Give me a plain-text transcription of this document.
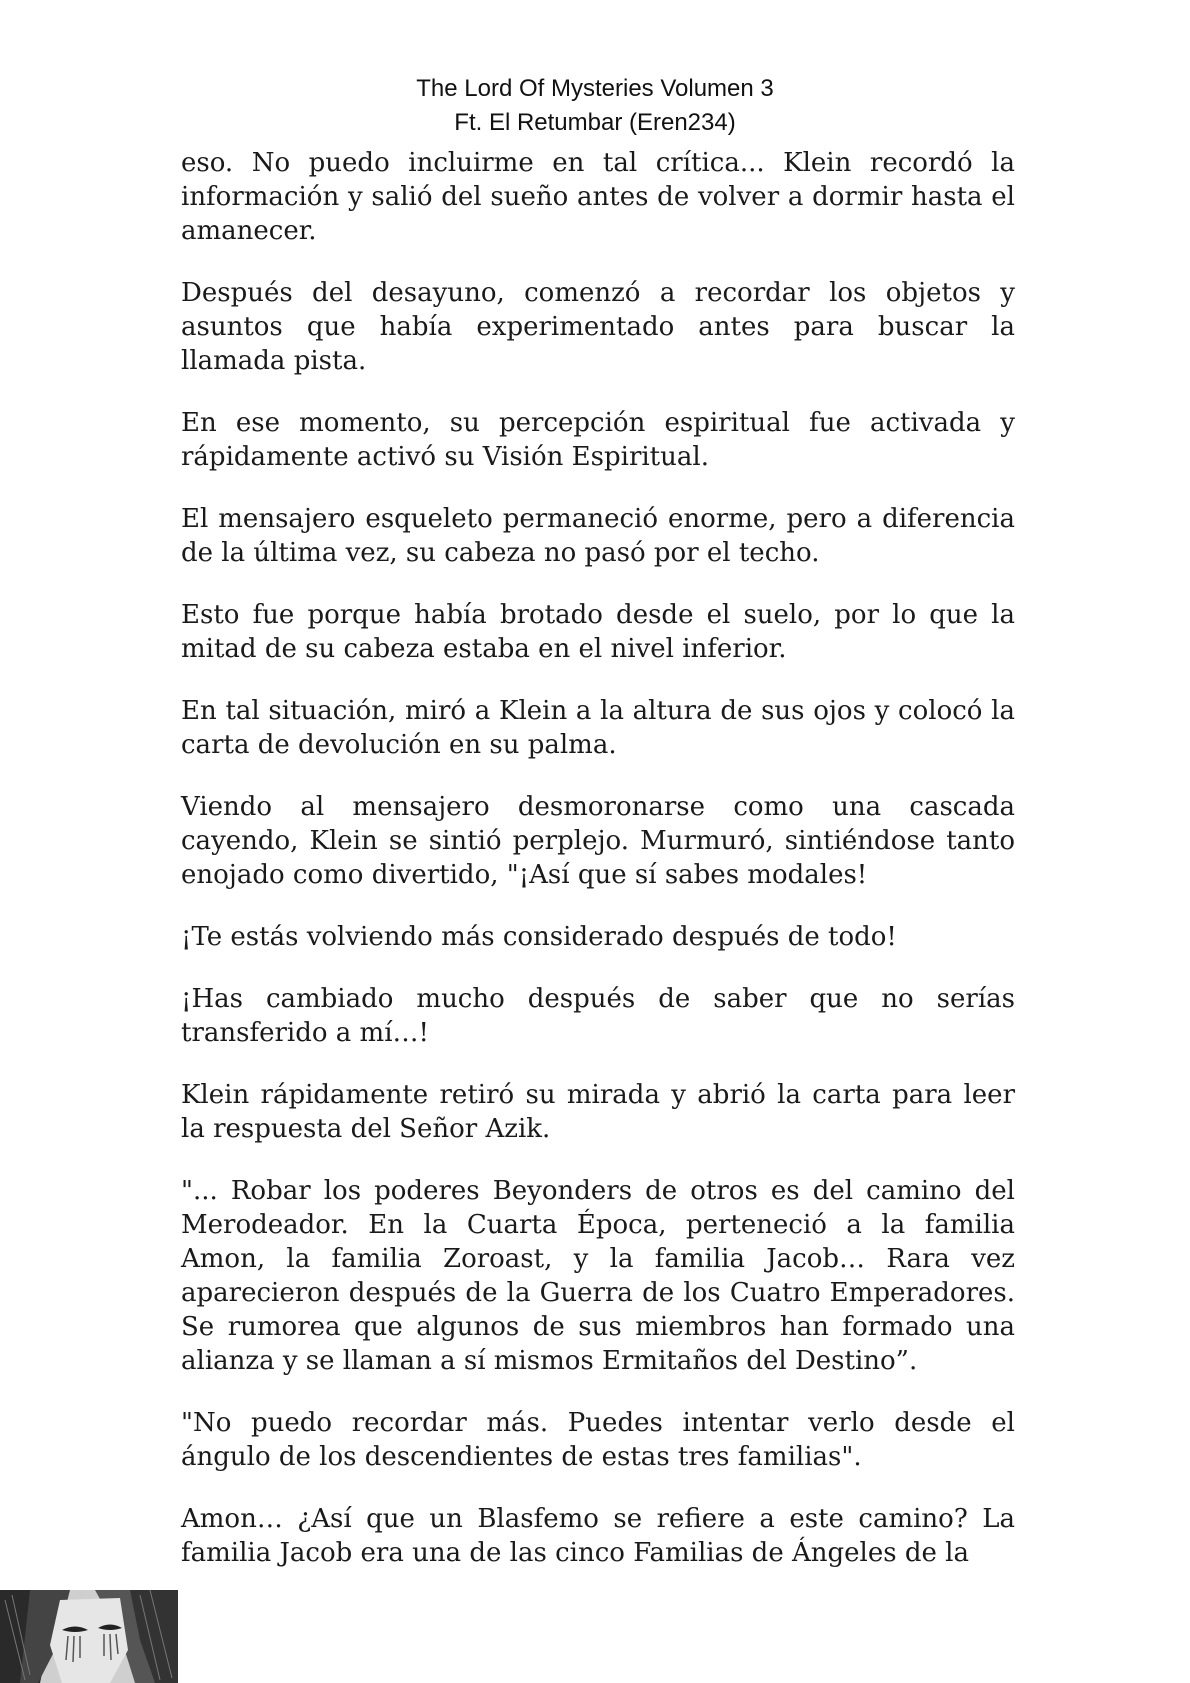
The Lord Of Mysteries Volumen 3
Ft. El Retumbar (Eren234)

eso. No puedo incluirme en tal crítica... Klein recordó la información y salió del sueño antes de volver a dormir hasta el amanecer.

Después del desayuno, comenzó a recordar los objetos y asuntos que había experimentado antes para buscar la llamada pista.

En ese momento, su percepción espiritual fue activada y rápidamente activó su Visión Espiritual.

El mensajero esqueleto permaneció enorme, pero a diferencia de la última vez, su cabeza no pasó por el techo.

Esto fue porque había brotado desde el suelo, por lo que la mitad de su cabeza estaba en el nivel inferior.

En tal situación, miró a Klein a la altura de sus ojos y colocó la carta de devolución en su palma.

Viendo al mensajero desmoronarse como una cascada cayendo, Klein se sintió perplejo. Murmuró, sintiéndose tanto enojado como divertido, "¡Así que sí sabes modales!

¡Te estás volviendo más considerado después de todo!

¡Has cambiado mucho después de saber que no serías transferido a mí…!

Klein rápidamente retiró su mirada y abrió la carta para leer la respuesta del Señor Azik.

"... Robar los poderes Beyonders de otros es del camino del Merodeador. En la Cuarta Época, perteneció a la familia Amon, la familia Zoroast, y la familia Jacob… Rara vez aparecieron después de la Guerra de los Cuatro Emperadores. Se rumorea que algunos de sus miembros han formado una alianza y se llaman a sí mismos Ermitaños del Destino”.

"No puedo recordar más. Puedes intentar verlo desde el ángulo de los descendientes de estas tres familias".

Amon… ¿Así que un Blasfemo se refiere a este camino? La familia Jacob era una de las cinco Familias de Ángeles de la
